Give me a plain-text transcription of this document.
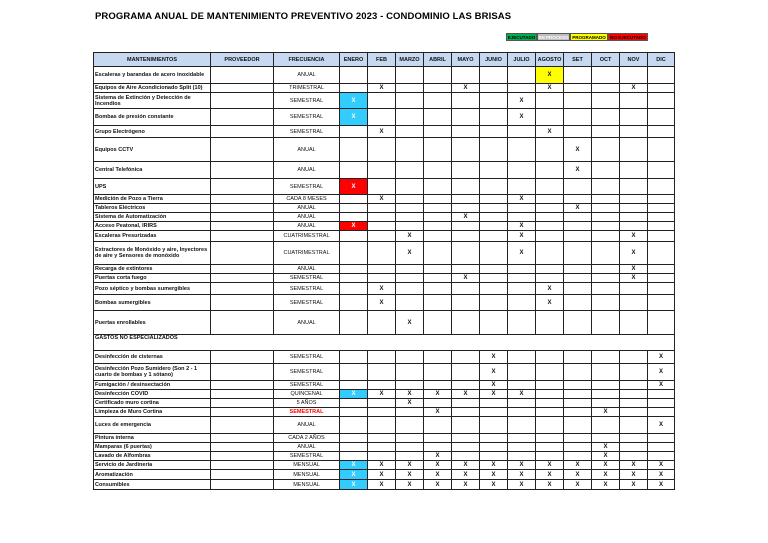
PROGRAMA ANUAL DE MANTENIMIENTO PREVENTIVO 2023 - CONDOMINIO LAS BRISAS
EJECUTADO EN PROCESO PROGRAMADO	NO EJECUTADO
MANTENIMIENTOS	PROVEEDOR	FRECUENCIA	ENERO	FEB	MARZO	ABRIL	MAYO	JUNIO	JULIO	AGOSTO	SET	OCT	NOV	DIC
Escaleras y barandas de acero inoxidable		ANUAL								X				
Equipos de Aire Acondicionado Split (10)		TRIMESTRAL		X			X			X			X	
Sistema de Extinción y Detección de Incendios		SEMESTRAL	X						X					
Bombas de presión constante		SEMESTRAL	X						X					
Grupo Electrógeno		SEMESTRAL		X						X				
Equipos CCTV		ANUAL									X			
Central Telefónica		ANUAL									X			
UPS		SEMESTRAL	X											
Medición de Pozo a Tierra		CADA 8 MESES		X					X					
Tableros Eléctricos		ANUAL									X			
Sistema de Automatización		ANUAL					X							
Acceso Peatonal, IRIRS		ANUAL	X						X					
Escaleras Presurizadas		CUATRIMESTRAL			X				X				X	
Extractores de Monóxido y aire, Inyectores de aire y Sensores de monóxido		CUATRIMESTRAL			X				X				X	
Recarga de extintores		ANUAL											X	
Puertas corta fuego		SEMESTRAL					X						X	
Pozo séptico y bombas sumergibles		SEMESTRAL		X						X				
Bombas sumergibles		SEMESTRAL		X						X				
Puertas enrollables		ANUAL			X									
GASTOS NO ESPECIALIZADOS														
Desinfección de cisternas		SEMESTRAL						X						X
Desinfección Pozo Sumidero (Son 2 - 1 cuarto de bombas y 1 sótano)		SEMESTRAL						X						X
Fumigación / desinsectación		SEMESTRAL						X						X
Desinfección COVID		QUINCENAL	X	X	X	X	X	X	X					
Certificado muro cortina		5 AÑOS			X									
Limpieza de Muro Cortina		SEMESTRAL				X						X		
Luces de emergencia		ANUAL												X
Pintura interna		CADA 2 AÑOS												
Mamparas (6 puertas)		ANUAL										X		
Lavado de Alfombras		SEMESTRAL				X						X		
Servicio de Jardinería		MENSUAL	X	X	X	X	X	X	X	X	X	X	X	X
Aromatización		MENSUAL	X	X	X	X	X	X	X	X	X	X	X	X
Consumibles		MENSUAL	X	X	X	X	X	X	X	X	X	X	X	X
